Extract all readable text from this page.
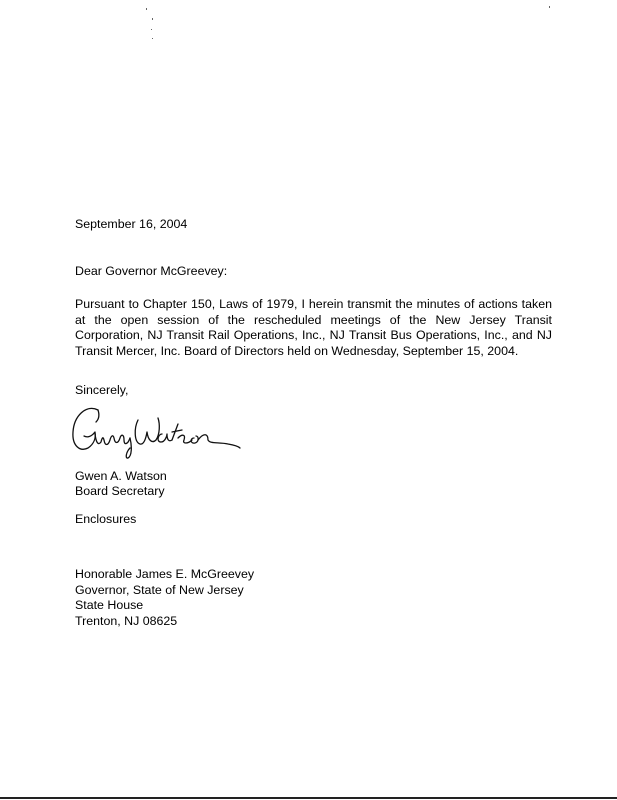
September 16, 2004
Dear Governor McGreevey:

Pursuant to Chapter 150, Laws of 1979, I herein transmit the minutes of actions taken at the open session of the rescheduled meetings of the New Jersey Transit Corporation, NJ Transit Rail Operations, Inc., NJ Transit Bus Operations, Inc., and NJ Transit Mercer, Inc. Board of Directors held on Wednesday, September 15, 2004.

Sincerely,
Gwen A. Watson
Board Secretary
Enclosures
Honorable James E. McGreevey
Governor, State of New Jersey
State House
Trenton, NJ 08625
